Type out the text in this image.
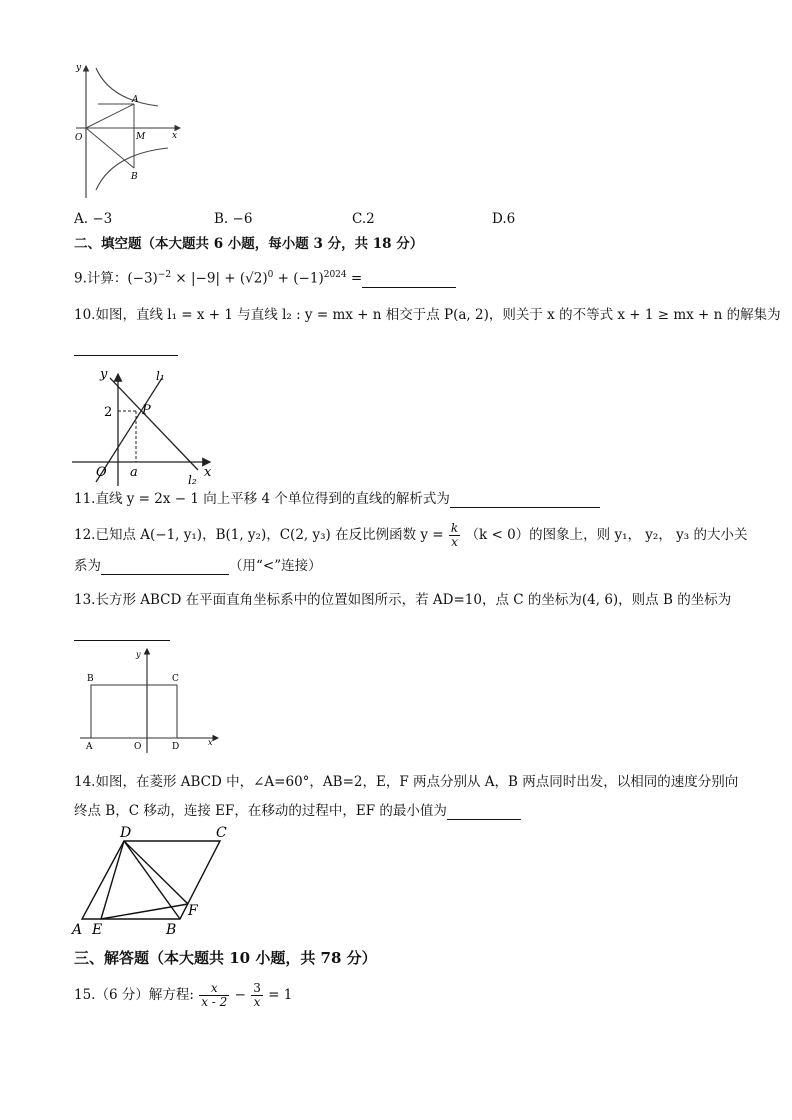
y
x
O
A
M
B
A. −3	B. −6	C.2	D.6
二、填空题（本大题共 6 小题，每小题 3 分，共 18 分）
9.计算：$(-3)^{-2} \times |-9| + (√2)^0 + (-1)^{2024}$ =
10.如图，直线 l₁ = x + 1 与直线 l₂ : y = mx + n 相交于点 P(a, 2)，则关于 x 的不等式 x + 1 ≥ mx + n 的解集为
y	l₁
2 P
O a	l₂ x
11.直线 y = 2x − 1 向上平移 4 个单位得到的直线的解析式为
12.已知点 A(−1, y₁)，B(1, y₂)，C(2, y₃) 在反比例函数 $y = \frac{k}{x} (k < 0)$的图象上，则 y₁， y₂， y₃ 的大小关
系为	（用“<”连接）
13.长方形 ABCD 在平面直角坐标系中的位置如图所示，若 AD=10，点 C 的坐标为(4, 6)，则点 B 的坐标为
y
B	C
A	O	D	x
14.如图，在菱形 ABCD 中，∠A=60°，AB=2，E，F 两点分别从 A，B 两点同时出发，以相同的速度分别向
终点 B，C 移动，连接 EF，在移动的过程中，EF 的最小值为
D	C
F
A E	B
三、解答题（本大题共 10 小题，共 78 分）
15.（6 分）解方程: $\frac{x}{x - 2} - \frac{3}{x} = 1$
